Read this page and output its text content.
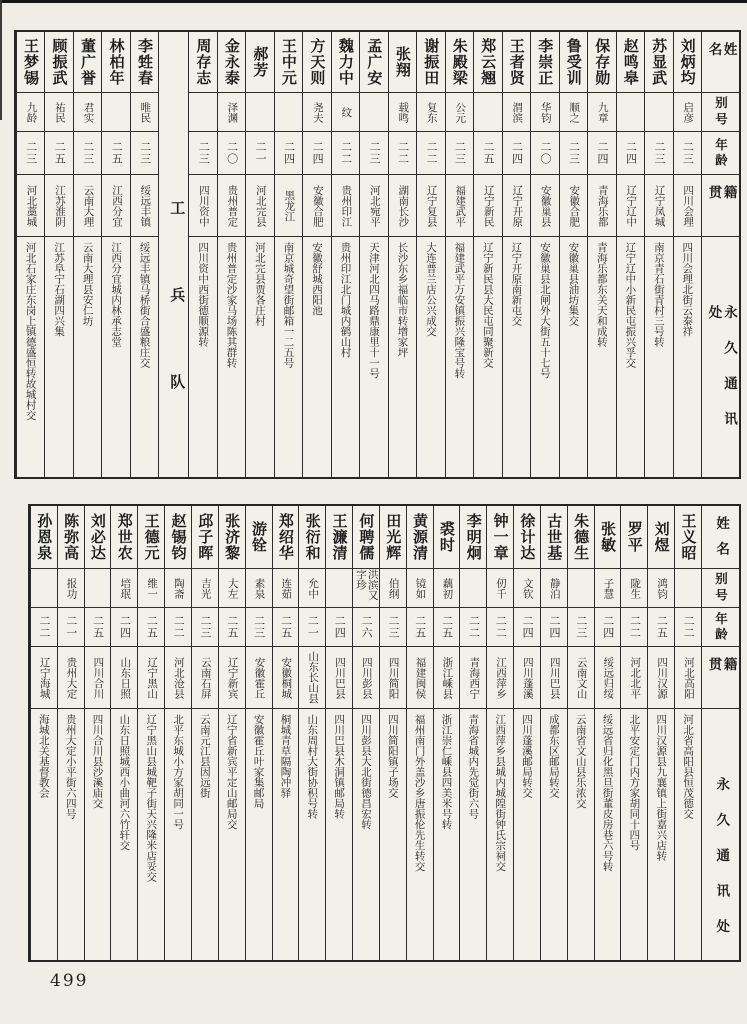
姓名
别号
年龄
籍贯
永久通讯处
刘炳均
启彦
二三
四川会理
四川会理北街云泰祥
苏显武
二三
辽宁凤城
南京青石街青村三号转
赵鸣皋
二四
辽宁辽中
辽宁辽中小新民屯振兴孚交
保存勋
九章
二四
青海乐都
青海乐都东关天和成转
鲁受训
顺之
二三
安徽合肥
安徽巢县油坊集交
李崇正
华钧
二〇
安徽巢县
安徽巢县北闸外大街五十七号
王者贤
渭滨
二四
辽宁开原
辽宁开原南新屯交
郑云翘
二五
辽宁新民
辽宁新民县大民屯同聚新交
朱殿梁
公元
二三
福建武平
福建武平万安镇振兴隆宝号转
谢振田
复东
二二
辽宁复县
大连普兰店公兴成交
张翔
载鸣
二二
湖南长沙
长沙东乡福临市转增家坪
孟广安
二三
河北宛平
天津河北四马路鼎康里十一号
魏力中
纹
二二
贵州印江
贵州印江北门城内鹤山村
方天则
尧夫
二四
安徽合肥
安徽舒城西阳池
王中元
二四
黑龙江
南京城奇望街邮箱一二五号
郝芳
二一
河北完县
河北完县贾各庄村
金永泰
泽渊
二〇
贵州普定
贵州普定沙家马场陈其群转
周存志
二三
四川资中
四川资中西街德顺源转
工兵队
李甡春
唯民
二三
绥远丰镇
绥远丰镇马桥街合盛粮庄交
林柏年
二五
江西分宜
江西分宜城内林承志堂
董广誉
君实
二三
云南大理
云南大理县安仁坊
顾振武
祐民
二五
江苏淮阴
江苏阜宁石湖四兴集
王梦锡
九龄
二三
河北藁城
河北石家庄东岗上镇德盛恒转故城村交
姓名
别号
年龄
籍贯
永久通讯处
王义昭
二二
河北高阳
河北省高阳县恒茂德交
刘煜
鸿钧
二五
四川汉源
四川汉源县九襄镇上街嘉兴店转
罗平
陇生
二二
河北北平
北平安定门内方家胡同十四号
张敏
子慧
二四
绥远归绥
绥远省归化黑旦街董皮房巷六号转
朱德生
二三
云南文山
云南省文山县乐浓交
古世基
静泊
二四
四川巴县
成都东区邮局转交
徐计达
文钦
二四
四川蓬溪
四川蓬溪邮局转交
钟一章
仞千
二二
江西萍乡
江西萍乡县城内城隍街钟氏宗祠交
李明炯
二二
青海西宁
青海省城内先觉街六号
裘时
藕初
二五
浙江嵊县
浙江崇仁嵊县四美米号转
黄源清
镜如
二五
福建闽侯
福州南门外盖沙乡唐振伦先生转交
田光辉
伯纲
二三
四川简阳
四川简阳镇子场交
何聘儒
洪滨又字珍
二六
四川彭县
四川彭县大北街德昌宏转
王濂清
二四
四川巴县
四川巴县木洞镇邮局转
张衍和
允中
二一
山东长山县
山东周村大街协积号转
郑绍华
连茹
二五
安徽桐城
桐城青草隔陶冲驿
游铨
素泉
二三
安徽霍丘
安徽霍丘叶家集邮局
张济黎
大左
二五
辽宁新宾
辽宁省新宾平定山邮局交
邱子晖
吉光
二三
云南石屏
云南元江县因远街
赵锡钧
陶斋
二二
河北沧县
北平东城小方家胡同一号
王德元
维一
二五
辽宁黑山
辽宁黑山县城靶子街天兴隆米店妥交
郑世农
培珉
二四
山东日照
山东日照城西小曲河六竹轩交
刘必达
二五
四川合川
四川合川县沙溪庙交
陈弥高
报功
二一
贵州大定
贵州大定小平街六四号
孙恩泉
二二
辽宁海城
海城北关基督教会
499
